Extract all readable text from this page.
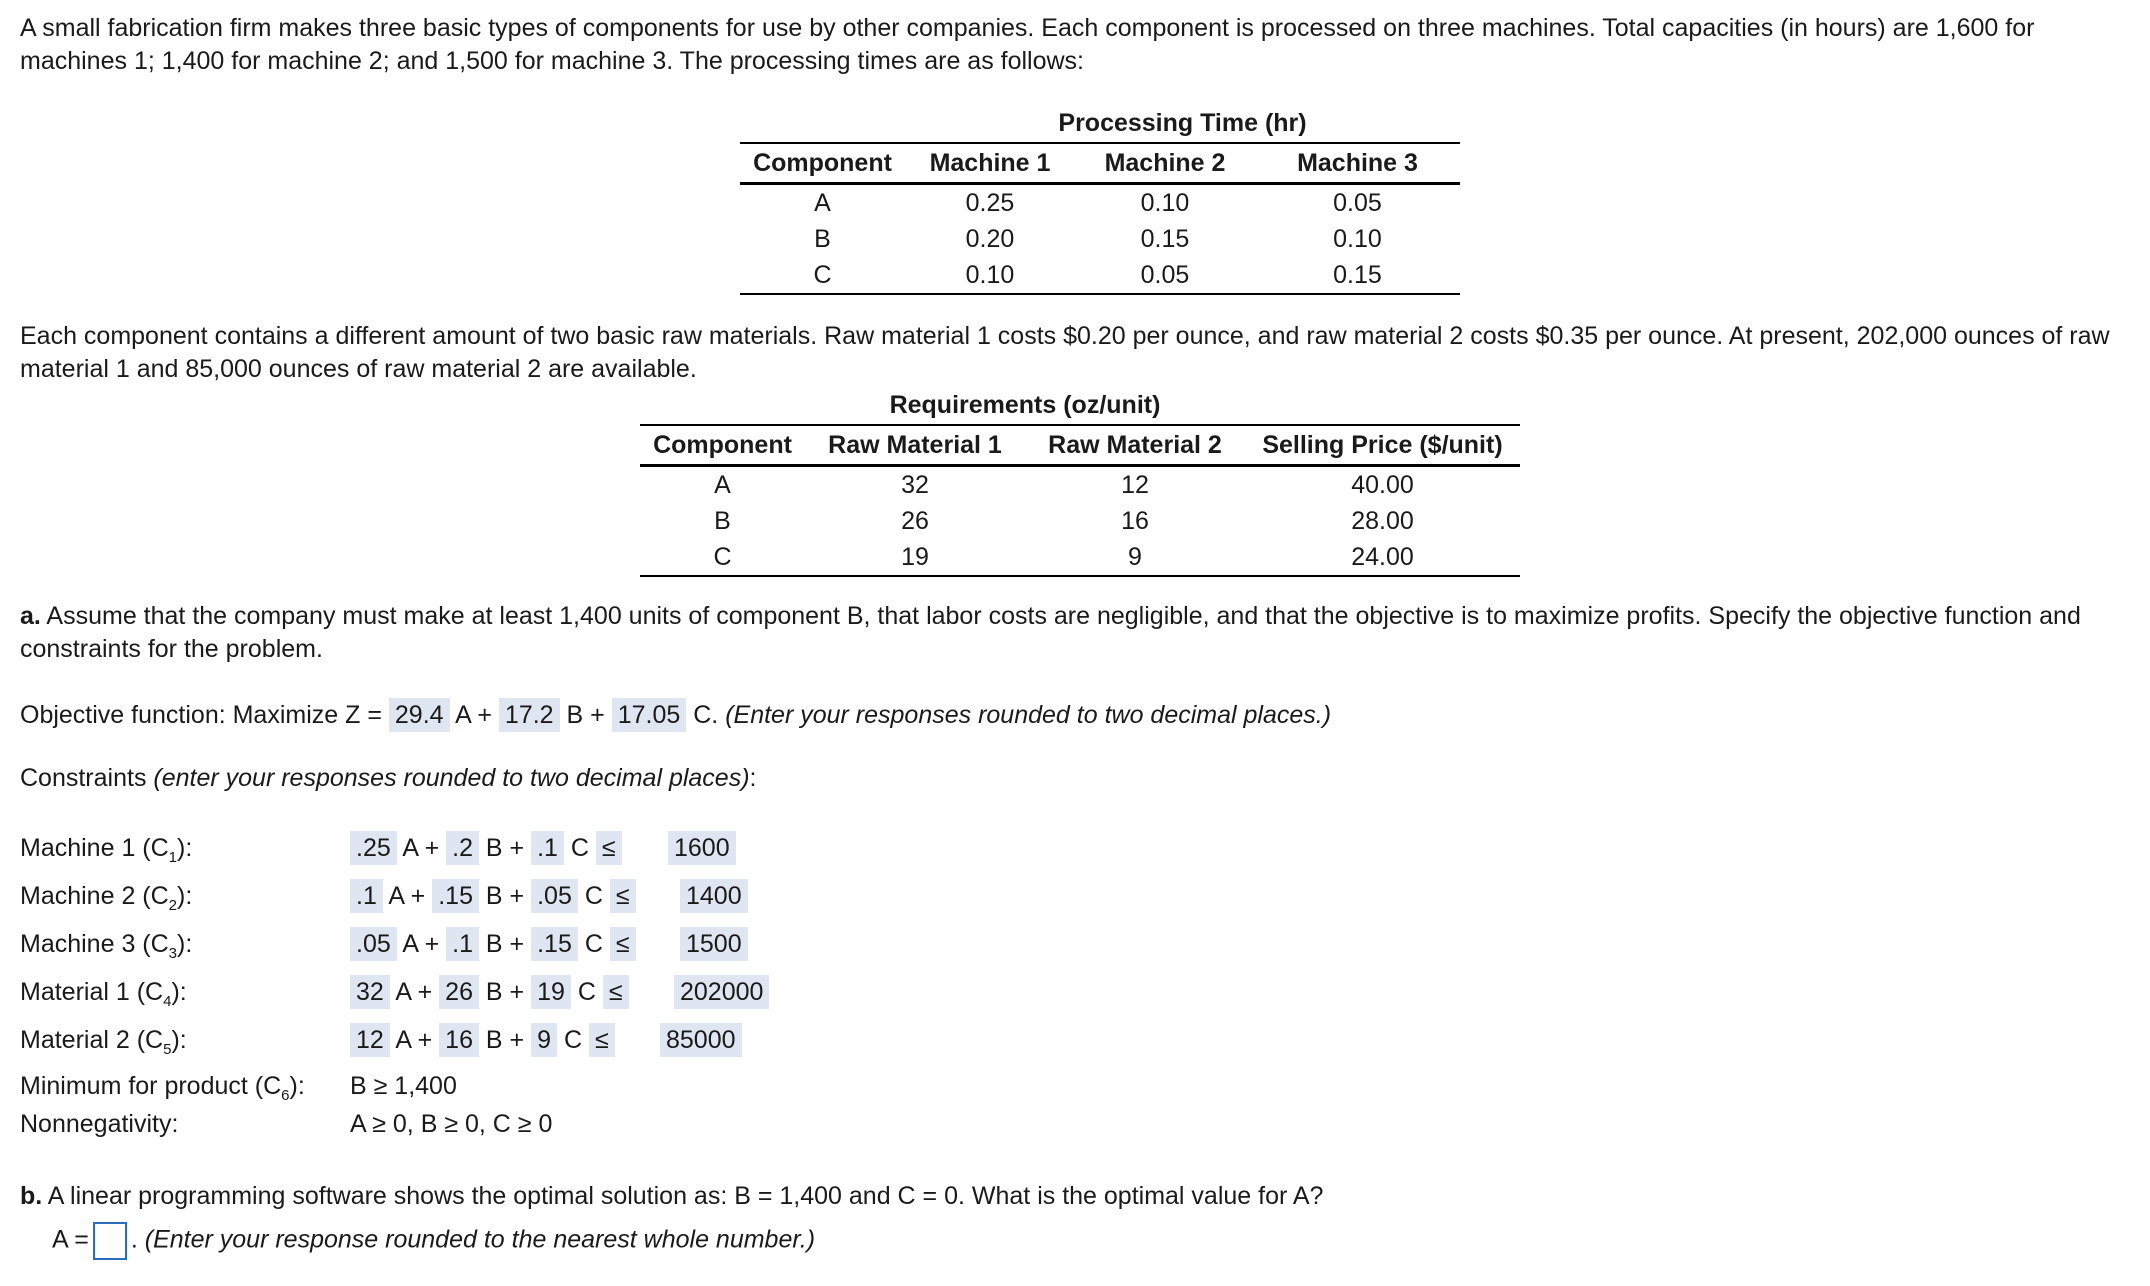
A small fabrication firm makes three basic types of components for use by other companies. Each component is processed on three machines. Total capacities (in hours) are 1,600 for machines 1; 1,400 for machine 2; and 1,500 for machine 3. The processing times are as follows:
	Processing Time (hr)		
Component	Machine 1	Machine 2	Machine 3
A	0.25	0.10	0.05
B	0.20	0.15	0.10
C	0.10	0.05	0.15
Each component contains a different amount of two basic raw materials. Raw material 1 costs $0.20 per ounce, and raw material 2 costs $0.35 per ounce. At present, 202,000 ounces of raw material 1 and 85,000 ounces of raw material 2 are available.
	Requirements (oz/unit)		
Component	Raw Material 1	Raw Material 2	Selling Price ($/unit)
A	32	12	40.00
B	26	16	28.00
C	19	9	24.00
a. Assume that the company must make at least 1,400 units of component B, that labor costs are negligible, and that the objective is to maximize profits. Specify the objective function and constraints for the problem.
Objective function: Maximize Z = 29.4 A + 17.2 B + 17.05 C. (Enter your responses rounded to two decimal places.)
Constraints (enter your responses rounded to two decimal places):
Machine 1 $(C_1)$:	.25 A + .2 B + .1 C ≤ 1600
Machine 2 $(C_2)$:	.1 A + .15 B + .05 C ≤ 1400
Machine 3 $(C_3)$:	.05 A + .1 B + .15 C ≤ 1500
Material 1 $(C_4)$:	32 A + 26 B + 19 C ≤ 202000
Material 2 $(C_5)$:	12 A + 16 B + 9 C ≤ 85000
Minimum for product $(C_6)$: B ≥ 1,400
Nonnegativity:	A ≥ 0, B ≥ 0, C ≥ 0
b. A linear programming software shows the optimal solution as: B = 1,400 and C = 0. What is the optimal value for A?
A = . (Enter your response rounded to the nearest whole number.)
